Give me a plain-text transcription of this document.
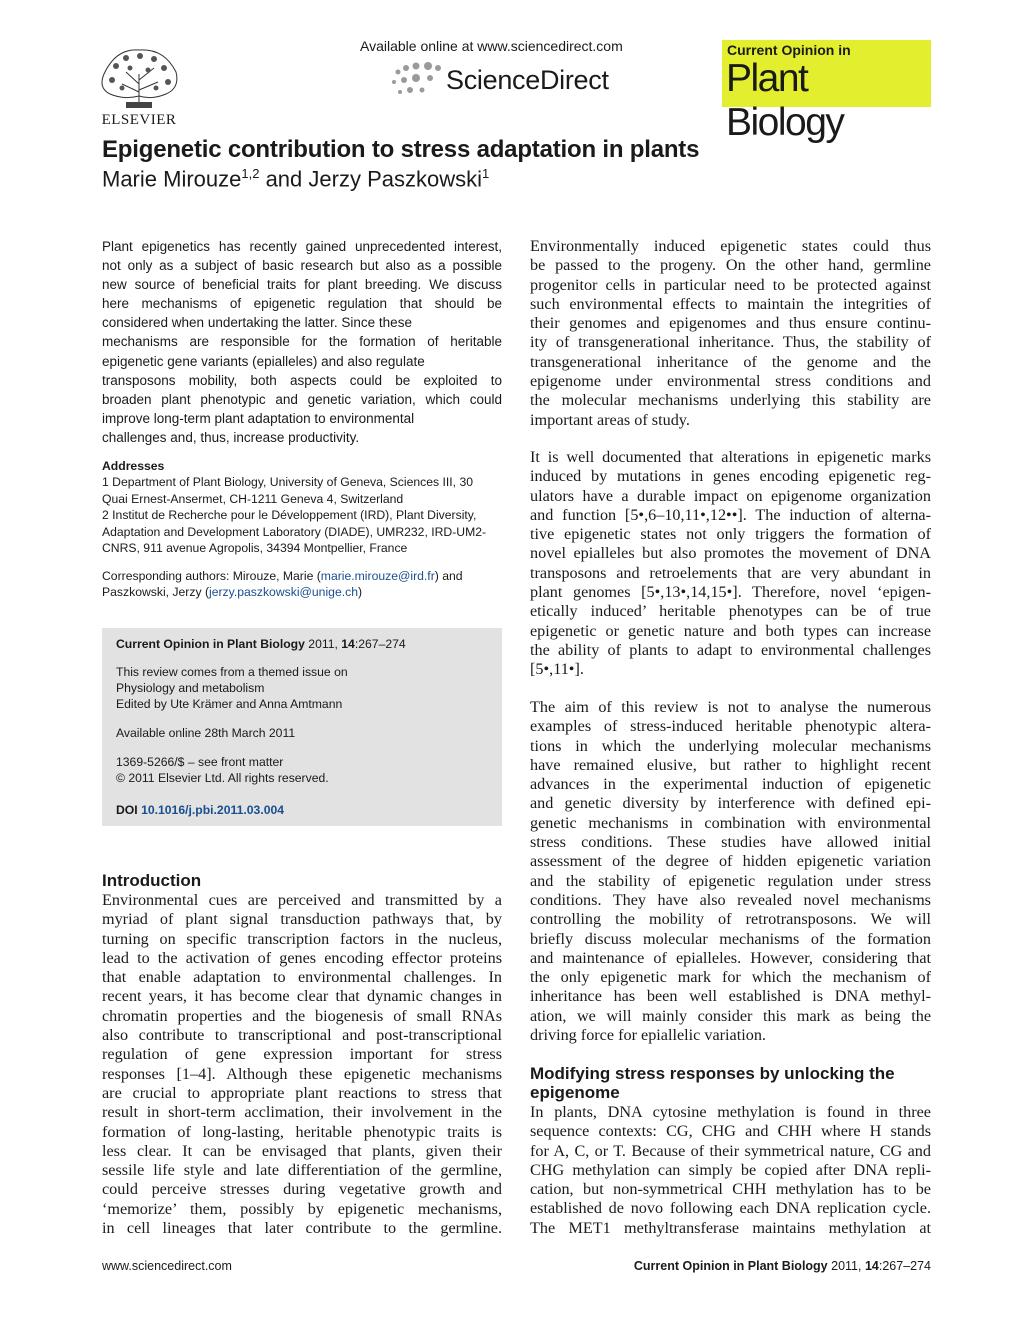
ELSEVIER
Available online at www.sciencedirect.com
ScienceDirect
Current Opinion in
Plant Biology
Epigenetic contribution to stress adaptation in plants
Marie Mirouze$^{1,2}$ and Jerzy Paszkowski$^1$
Plant epigenetics has recently gained unprecedented interest,
not only as a subject of basic research but also as a possible
new source of beneficial traits for plant breeding. We discuss
here mechanisms of epigenetic regulation that should be
considered when undertaking the latter. Since these
mechanisms are responsible for the formation of heritable
epigenetic gene variants (epialleles) and also regulate
transposons mobility, both aspects could be exploited to
broaden plant phenotypic and genetic variation, which could
improve long-term plant adaptation to environmental
challenges and, thus, increase productivity.
Addresses
1 Department of Plant Biology, University of Geneva, Sciences III, 30
Quai Ernest-Ansermet, CH-1211 Geneva 4, Switzerland
2 Institut de Recherche pour le Développement (IRD), Plant Diversity,
Adaptation and Development Laboratory (DIADE), UMR232, IRD-UM2-
CNRS, 911 avenue Agropolis, 34394 Montpellier, France
Corresponding authors: Mirouze, Marie (marie.mirouze@ird.fr) and
Paszkowski, Jerzy (jerzy.paszkowski@unige.ch)
Current Opinion in Plant Biology 2011, 14:267–274
This review comes from a themed issue on
Physiology and metabolism
Edited by Ute Krämer and Anna Amtmann
Available online 28th March 2011
1369-5266/$ – see front matter
© 2011 Elsevier Ltd. All rights reserved.
DOI 10.1016/j.pbi.2011.03.004
Introduction
Environmental cues are perceived and transmitted by a
myriad of plant signal transduction pathways that, by
turning on specific transcription factors in the nucleus,
lead to the activation of genes encoding effector proteins
that enable adaptation to environmental challenges. In
recent years, it has become clear that dynamic changes in
chromatin properties and the biogenesis of small RNAs
also contribute to transcriptional and post-transcriptional
regulation of gene expression important for stress
responses [1–4]. Although these epigenetic mechanisms
are crucial to appropriate plant reactions to stress that
result in short-term acclimation, their involvement in the
formation of long-lasting, heritable phenotypic traits is
less clear. It can be envisaged that plants, given their
sessile life style and late differentiation of the germline,
could perceive stresses during vegetative growth and
‘memorize’ them, possibly by epigenetic mechanisms,
in cell lineages that later contribute to the germline.
Environmentally induced epigenetic states could thus
be passed to the progeny. On the other hand, germline
progenitor cells in particular need to be protected against
such environmental effects to maintain the integrities of
their genomes and epigenomes and thus ensure continu-
ity of transgenerational inheritance. Thus, the stability of
transgenerational inheritance of the genome and the
epigenome under environmental stress conditions and
the molecular mechanisms underlying this stability are
important areas of study.
It is well documented that alterations in epigenetic marks
induced by mutations in genes encoding epigenetic reg-
ulators have a durable impact on epigenome organization
and function [5•,6–10,11•,12••]. The induction of alterna-
tive epigenetic states not only triggers the formation of
novel epialleles but also promotes the movement of DNA
transposons and retroelements that are very abundant in
plant genomes [5•,13•,14,15•]. Therefore, novel ‘epigen-
etically induced’ heritable phenotypes can be of true
epigenetic or genetic nature and both types can increase
the ability of plants to adapt to environmental challenges
[5•,11•].
The aim of this review is not to analyse the numerous
examples of stress-induced heritable phenotypic altera-
tions in which the underlying molecular mechanisms
have remained elusive, but rather to highlight recent
advances in the experimental induction of epigenetic
and genetic diversity by interference with defined epi-
genetic mechanisms in combination with environmental
stress conditions. These studies have allowed initial
assessment of the degree of hidden epigenetic variation
and the stability of epigenetic regulation under stress
conditions. They have also revealed novel mechanisms
controlling the mobility of retrotransposons. We will
briefly discuss molecular mechanisms of the formation
and maintenance of epialleles. However, considering that
the only epigenetic mark for which the mechanism of
inheritance has been well established is DNA methyl-
ation, we will mainly consider this mark as being the
driving force for epiallelic variation.
Modifying stress responses by unlocking the
epigenome
In plants, DNA cytosine methylation is found in three
sequence contexts: CG, CHG and CHH where H stands
for A, C, or T. Because of their symmetrical nature, CG and
CHG methylation can simply be copied after DNA repli-
cation, but non-symmetrical CHH methylation has to be
established de novo following each DNA replication cycle.
The MET1 methyltransferase maintains methylation at
www.sciencedirect.com	Current Opinion in Plant Biology 2011, 14:267–274
